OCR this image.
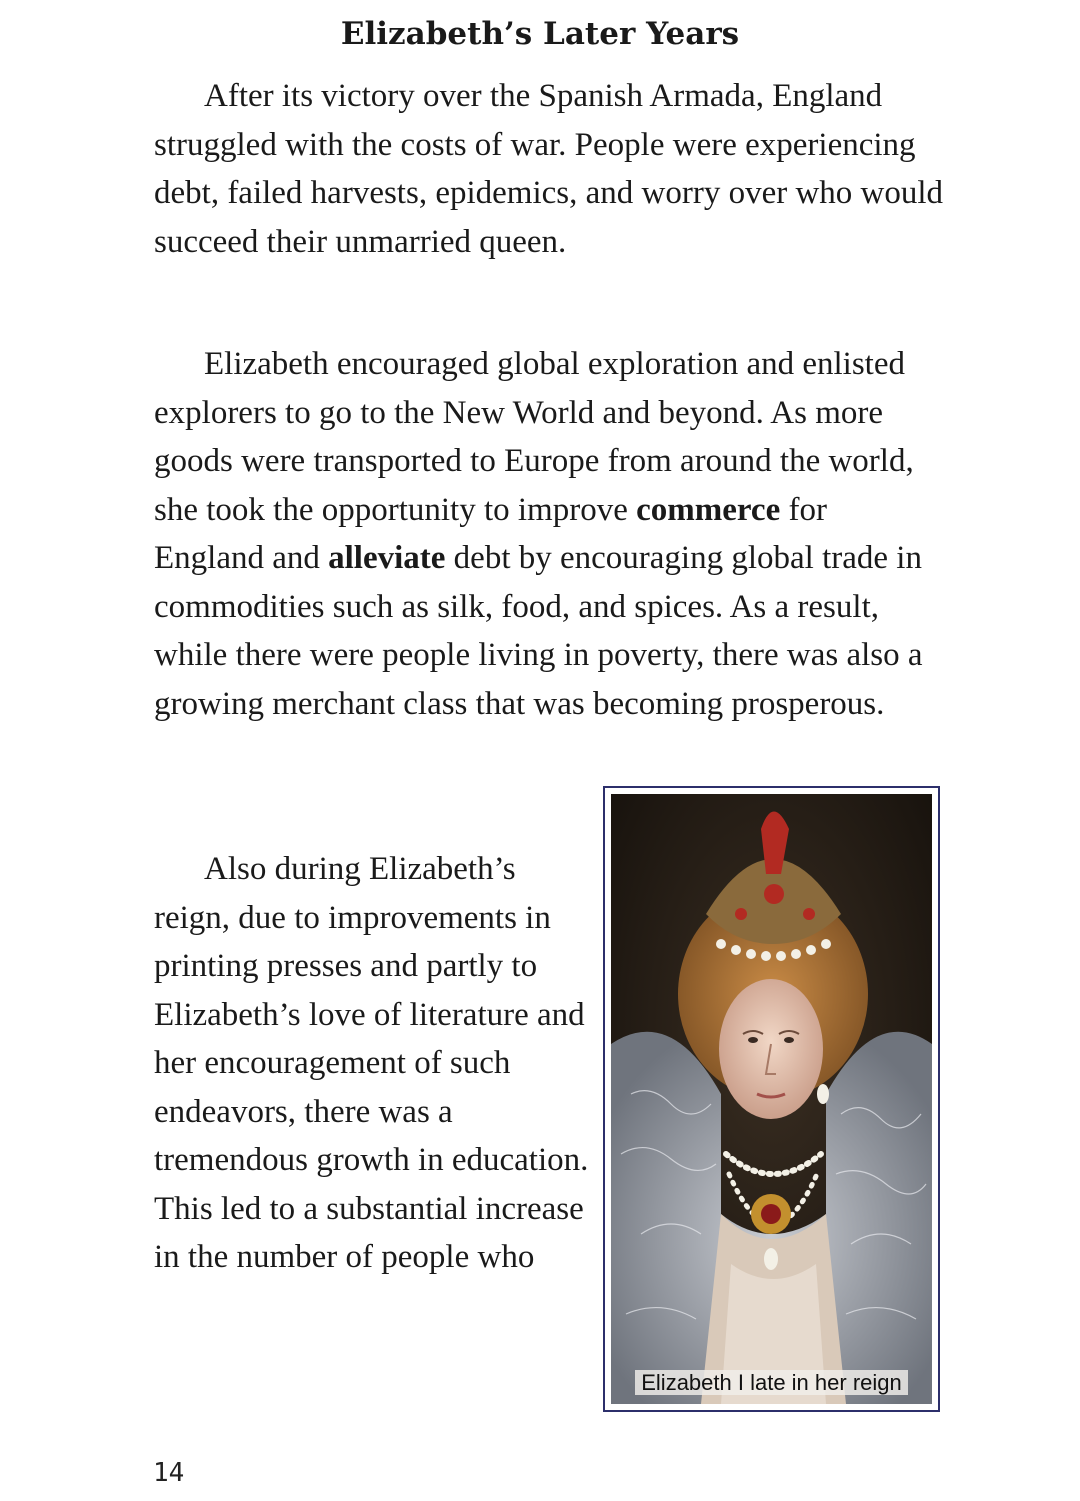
Elizabeth’s Later Years

After its victory over the Spanish Armada, England struggled with the costs of war. People were experiencing debt, failed harvests, epidemics, and worry over who would succeed their unmarried queen.

Elizabeth encouraged global exploration and enlisted explorers to go to the New World and beyond. As more goods were transported to Europe from around the world, she took the opportunity to improve commerce for England and alleviate debt by encouraging global trade in commodities such as silk, food, and spices. As a result, while there were people living in poverty, there was also a growing merchant class that was becoming prosperous.

Also during Elizabeth’s reign, due to improvements in printing presses and partly to Elizabeth’s love of literature and her encouragement of such endeavors, there was a tremendous growth in education. This led to a substantial increase in the number of people who

Elizabeth I late in her reign

14
